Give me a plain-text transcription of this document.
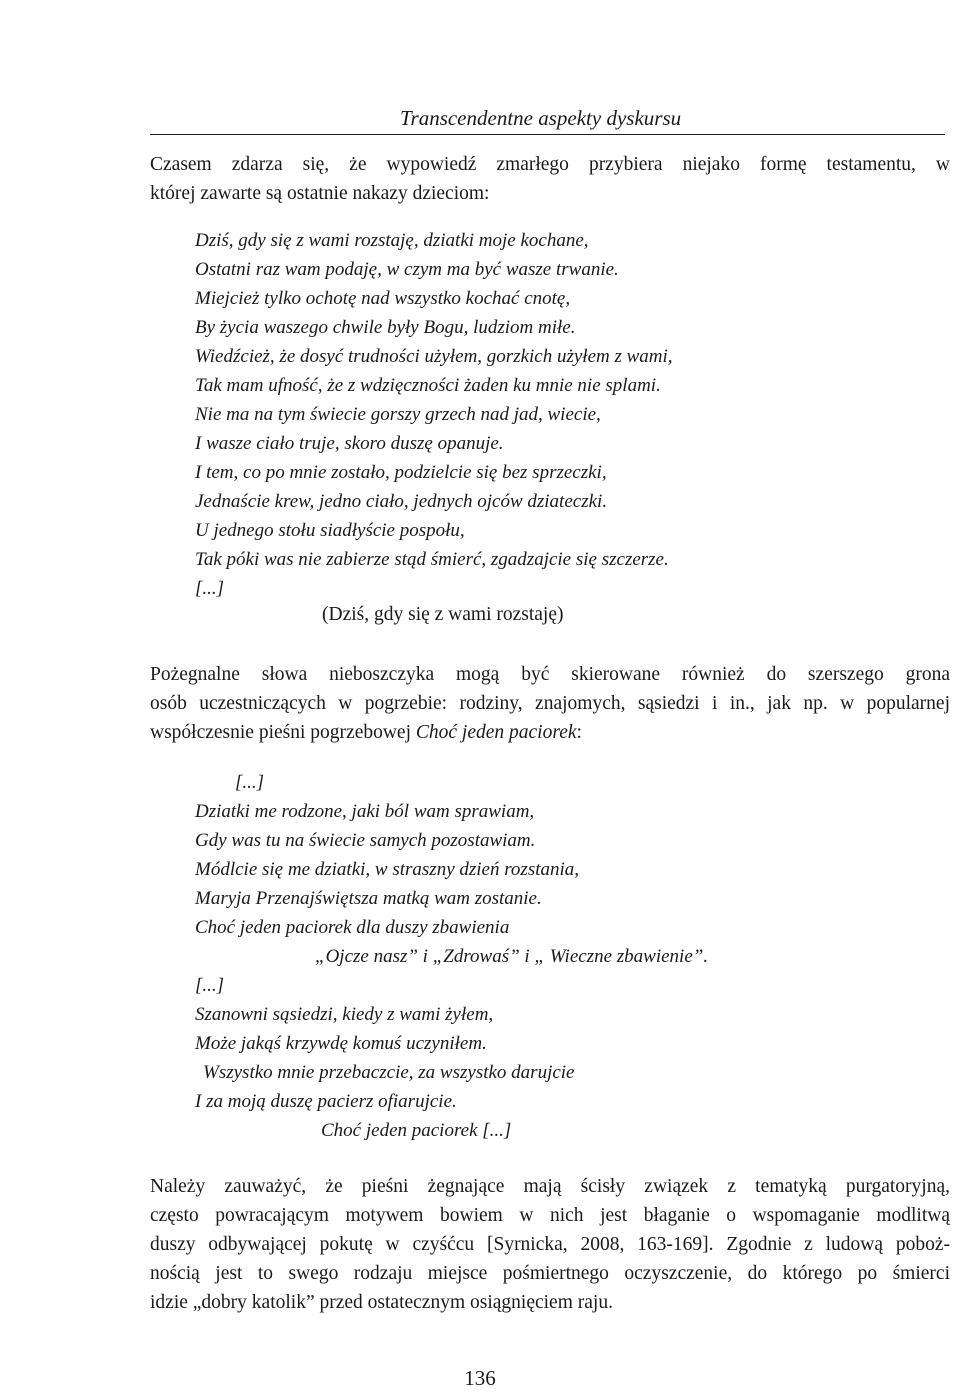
Transcendentne aspekty dyskursu

Czasem zdarza się, że wypowiedź zmarłego przybiera niejako formę testamentu, w
której zawarte są ostatnie nakazy dzieciom:

Dziś, gdy się z wami rozstaję, dziatki moje kochane,
Ostatni raz wam podaję, w czym ma być wasze trwanie.
Miejcież tylko ochotę nad wszystko kochać cnotę,
By życia waszego chwile były Bogu, ludziom miłe.
Wiedźcież, że dosyć trudności użyłem, gorzkich użyłem z wami,
Tak mam ufność, że z wdzięczności żaden ku mnie nie splami.
Nie ma na tym świecie gorszy grzech nad jad, wiecie,
I wasze ciało truje, skoro duszę opanuje.
I tem, co po mnie zostało, podzielcie się bez sprzeczki,
Jednaście krew, jedno ciało, jednych ojców dziateczki.
U jednego stołu siadłyście pospołu,
Tak póki was nie zabierze stąd śmierć, zgadzajcie się szczerze.
[...]
(Dziś, gdy się z wami rozstaję)

Pożegnalne słowa nieboszczyka mogą być skierowane również do szerszego grona
osób uczestniczących w pogrzebie: rodziny, znajomych, sąsiedzi i in., jak np. w popularnej
współczesnie pieśni pogrzebowej Choć jeden paciorek:

[...]
Dziatki me rodzone, jaki ból wam sprawiam,
Gdy was tu na świecie samych pozostawiam.
Módlcie się me dziatki, w straszny dzień rozstania,
Maryja Przenajświętsza matką wam zostanie.
Choć jeden paciorek dla duszy zbawienia
„Ojcze nasz” i „Zdrowaś” i „ Wieczne zbawienie”.
[...]
Szanowni sąsiedzi, kiedy z wami żyłem,
Może jakąś krzywdę komuś uczyniłem.
Wszystko mnie przebaczcie, za wszystko darujcie
I za moją duszę pacierz ofiarujcie.
Choć jeden paciorek [...]

Należy zauważyć, że pieśni żegnające mają ścisły związek z tematyką purgatoryjną,
często powracającym motywem bowiem w nich jest błaganie o wspomaganie modlitwą
duszy odbywającej pokutę w czyśćcu [Syrnicka, 2008, 163-169]. Zgodnie z ludową poboż-
nością jest to swego rodzaju miejsce pośmiertnego oczyszczenie, do którego po śmierci
idzie „dobry katolik” przed ostatecznym osiągnięciem raju.

136
